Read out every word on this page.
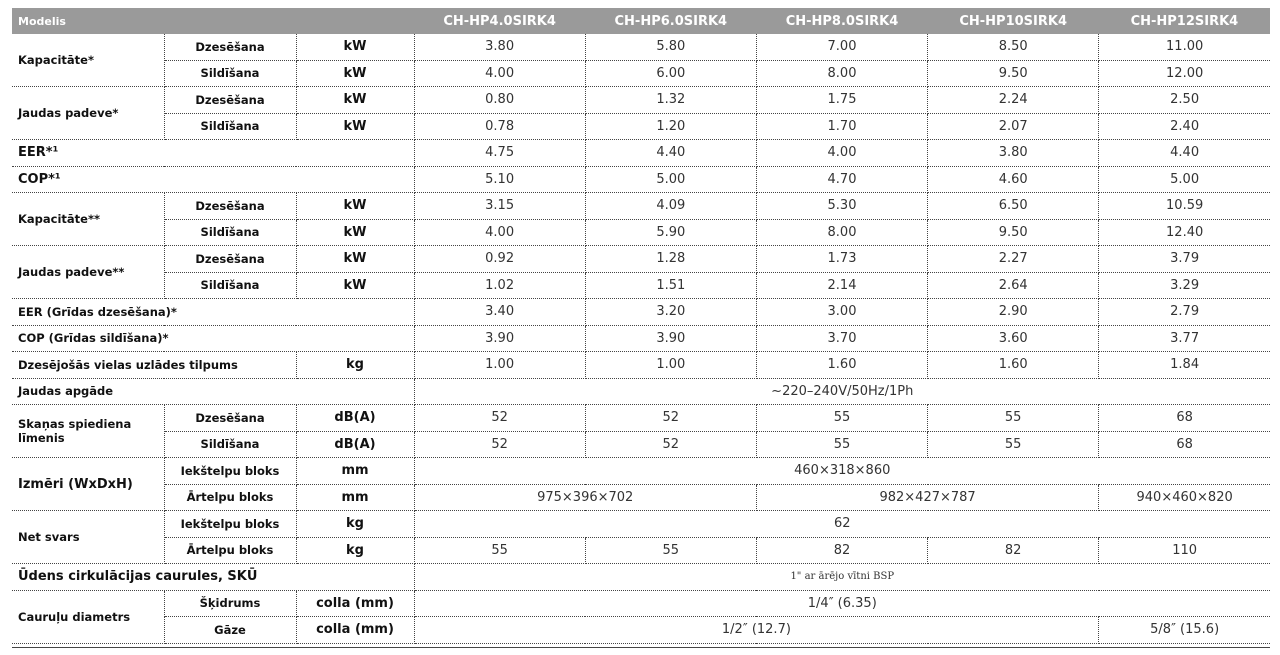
Modelis			CH-HP4.0SIRK4	CH-HP6.0SIRK4	CH-HP8.0SIRK4	CH-HP10SIRK4	CH-HP12SIRK4
Kapacitāte*	Dzesēšana	kW	3.80	5.80	7.00	8.50	11.00
	Sildīšana	kW	4.00	6.00	8.00	9.50	12.00
Jaudas padeve*	Dzesēšana	kW	0.80	1.32	1.75	2.24	2.50
	Sildīšana	kW	0.78	1.20	1.70	2.07	2.40
EER*¹			4.75	4.40	4.00	3.80	4.40
COP*¹			5.10	5.00	4.70	4.60	5.00
Kapacitāte**	Dzesēšana	kW	3.15	4.09	5.30	6.50	10.59
	Sildīšana	kW	4.00	5.90	8.00	9.50	12.40
Jaudas padeve**	Dzesēšana	kW	0.92	1.28	1.73	2.27	3.79
	Sildīšana	kW	1.02	1.51	2.14	2.64	3.29
EER (Grīdas dzesēšana)*			3.40	3.20	3.00	2.90	2.79
COP (Grīdas sildīšana)*			3.90	3.90	3.70	3.60	3.77
Dzesējošās vielas uzlādes tilpums		kg	1.00	1.00	1.60	1.60	1.84
Jaudas apgāde			~220–240V/50Hz/1Ph				
Skaņas spiediena līmenis	Dzesēšana	dB(A)	52	52	55	55	68
	Sildīšana	dB(A)	52	52	55	55	68
Izmēri (WxDxH)	Iekštelpu bloks	mm	460×318×860				
	Ārtelpu bloks	mm	975×396×702		982×427×787		940×460×820
Net svars	Iekštelpu bloks	kg	62				
	Ārtelpu bloks	kg	55	55	82	82	110
Ūdens cirkulācijas caurules, SKŪ			1" ar ārējo vītni BSP				
Cauruļu diametrs	Šķidrums	colla (mm)	1/4″ (6.35)				
	Gāze	colla (mm)	1/2″ (12.7)				5/8″ (15.6)
